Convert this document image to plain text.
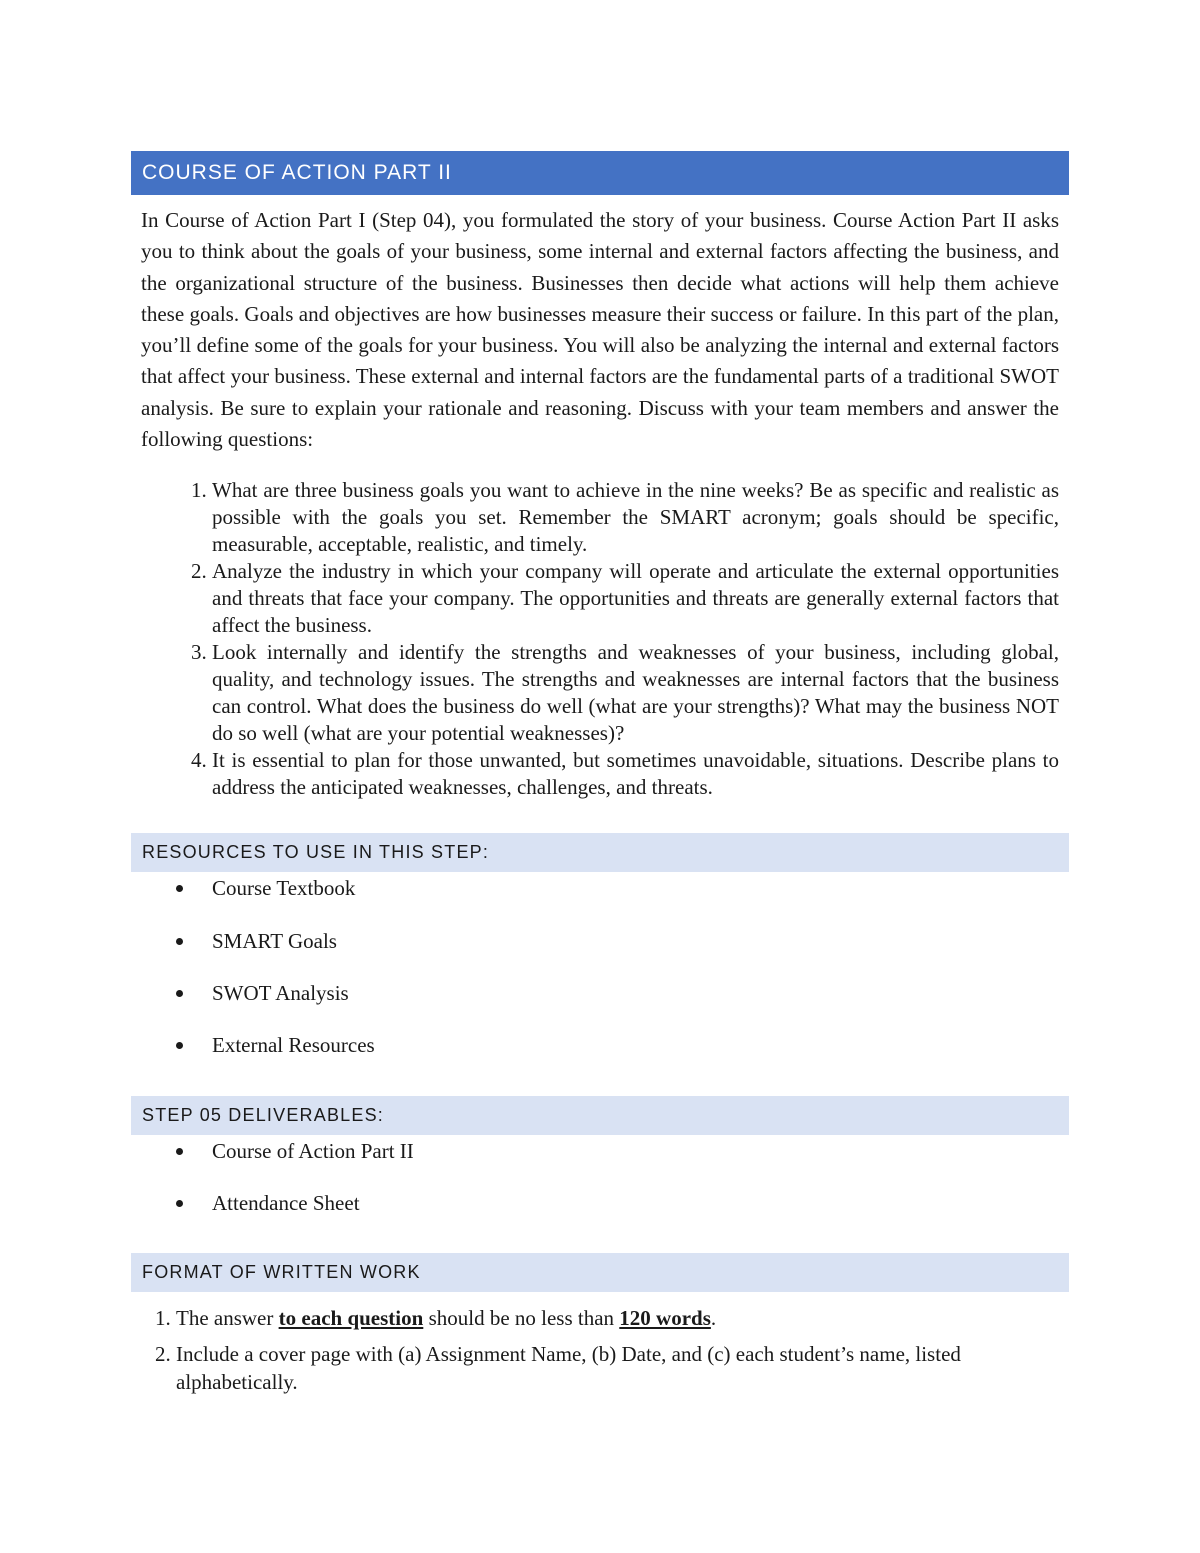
COURSE OF ACTION PART II

In Course of Action Part I (Step 04), you formulated the story of your business. Course Action Part II asks you to think about the goals of your business, some internal and external factors affecting the business, and the organizational structure of the business. Businesses then decide what actions will help them achieve these goals. Goals and objectives are how businesses measure their success or failure. In this part of the plan, you’ll define some of the goals for your business. You will also be analyzing the internal and external factors that affect your business. These external and internal factors are the fundamental parts of a traditional SWOT analysis. Be sure to explain your rationale and reasoning. Discuss with your team members and answer the following questions:

1. What are three business goals you want to achieve in the nine weeks? Be as specific and realistic as possible with the goals you set. Remember the SMART acronym; goals should be specific, measurable, acceptable, realistic, and timely.
2. Analyze the industry in which your company will operate and articulate the external opportunities and threats that face your company. The opportunities and threats are generally external factors that affect the business.
3. Look internally and identify the strengths and weaknesses of your business, including global, quality, and technology issues. The strengths and weaknesses are internal factors that the business can control. What does the business do well (what are your strengths)? What may the business NOT do so well (what are your potential weaknesses)?
4. It is essential to plan for those unwanted, but sometimes unavoidable, situations. Describe plans to address the anticipated weaknesses, challenges, and threats.
RESOURCES TO USE IN THIS STEP:
Course Textbook
SMART Goals
SWOT Analysis
External Resources
STEP 05 DELIVERABLES:
Course of Action Part II
Attendance Sheet
FORMAT OF WRITTEN WORK
1. The answer to each question should be no less than 120 words.
2. Include a cover page with (a) Assignment Name, (b) Date, and (c) each student’s name, listed alphabetically.
